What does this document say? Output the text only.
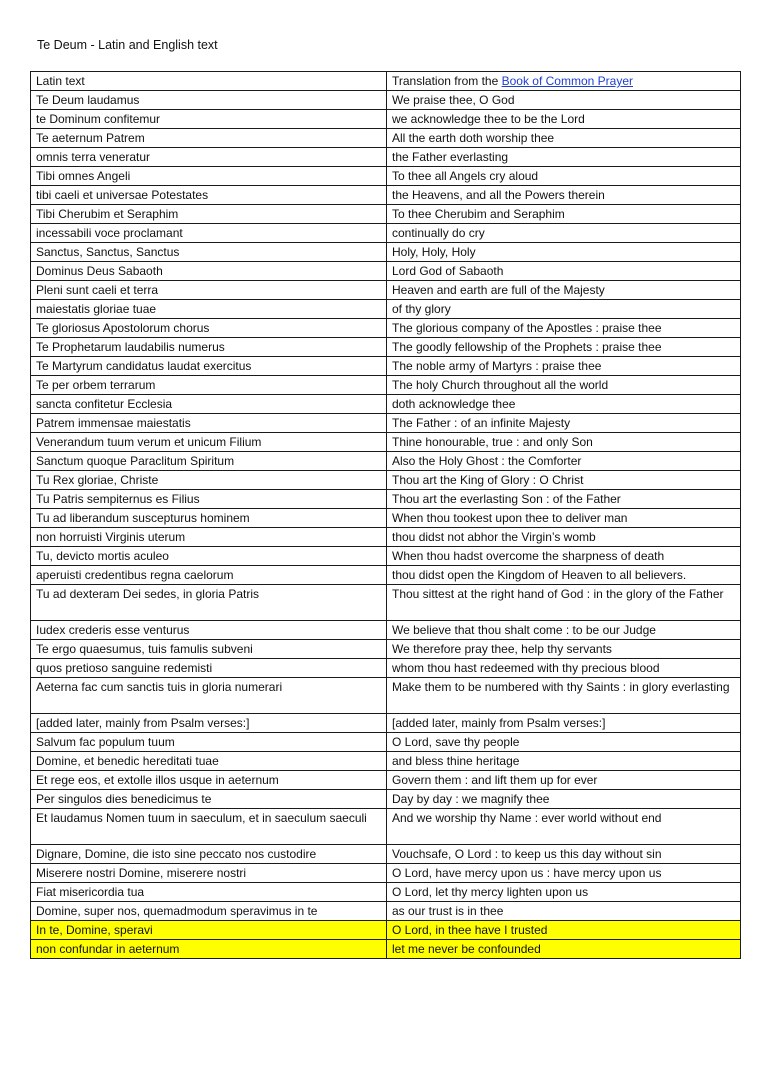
Te Deum - Latin and English text
Latin text	Translation from the Book of Common Prayer
Te Deum laudamus	We praise thee, O God
te Dominum confitemur	we acknowledge thee to be the Lord
Te aeternum Patrem	All the earth doth worship thee
omnis terra veneratur	the Father everlasting
Tibi omnes Angeli	To thee all Angels cry aloud
tibi caeli et universae Potestates	the Heavens, and all the Powers therein
Tibi Cherubim et Seraphim	To thee Cherubim and Seraphim
incessabili voce proclamant	continually do cry
Sanctus, Sanctus, Sanctus	Holy, Holy, Holy
Dominus Deus Sabaoth	Lord God of Sabaoth
Pleni sunt caeli et terra	Heaven and earth are full of the Majesty
maiestatis gloriae tuae	of thy glory
Te gloriosus Apostolorum chorus	The glorious company of the Apostles : praise thee
Te Prophetarum laudabilis numerus	The goodly fellowship of the Prophets : praise thee
Te Martyrum candidatus laudat exercitus	The noble army of Martyrs : praise thee
Te per orbem terrarum	The holy Church throughout all the world
sancta confitetur Ecclesia	doth acknowledge thee
Patrem immensae maiestatis	The Father : of an infinite Majesty
Venerandum tuum verum et unicum Filium	Thine honourable, true : and only Son
Sanctum quoque Paraclitum Spiritum	Also the Holy Ghost : the Comforter
Tu Rex gloriae, Christe	Thou art the King of Glory : O Christ
Tu Patris sempiternus es Filius	Thou art the everlasting Son : of the Father
Tu ad liberandum suscepturus hominem	When thou tookest upon thee to deliver man
non horruisti Virginis uterum	thou didst not abhor the Virgin’s womb
Tu, devicto mortis aculeo	When thou hadst overcome the sharpness of death
aperuisti credentibus regna caelorum	thou didst open the Kingdom of Heaven to all believers.
Tu ad dexteram Dei sedes, in gloria Patris	Thou sittest at the right hand of God : in the glory of the Father
Iudex crederis esse venturus	We believe that thou shalt come : to be our Judge
Te ergo quaesumus, tuis famulis subveni	We therefore pray thee, help thy servants
quos pretioso sanguine redemisti	whom thou hast redeemed with thy precious blood
Aeterna fac cum sanctis tuis in gloria numerari	Make them to be numbered with thy Saints : in glory everlasting
[added later, mainly from Psalm verses:]	[added later, mainly from Psalm verses:]
Salvum fac populum tuum	O Lord, save thy people
Domine, et benedic hereditati tuae	and bless thine heritage
Et rege eos, et extolle illos usque in aeternum	Govern them : and lift them up for ever
Per singulos dies benedicimus te	Day by day : we magnify thee
Et laudamus Nomen tuum in saeculum, et in saeculum saeculi	And we worship thy Name : ever world without end
Dignare, Domine, die isto sine peccato nos custodire	Vouchsafe, O Lord : to keep us this day without sin
Miserere nostri Domine, miserere nostri	O Lord, have mercy upon us : have mercy upon us
Fiat misericordia tua	O Lord, let thy mercy lighten upon us
Domine, super nos, quemadmodum speravimus in te	as our trust is in thee
In te, Domine, speravi	O Lord, in thee have I trusted
non confundar in aeternum	let me never be confounded
